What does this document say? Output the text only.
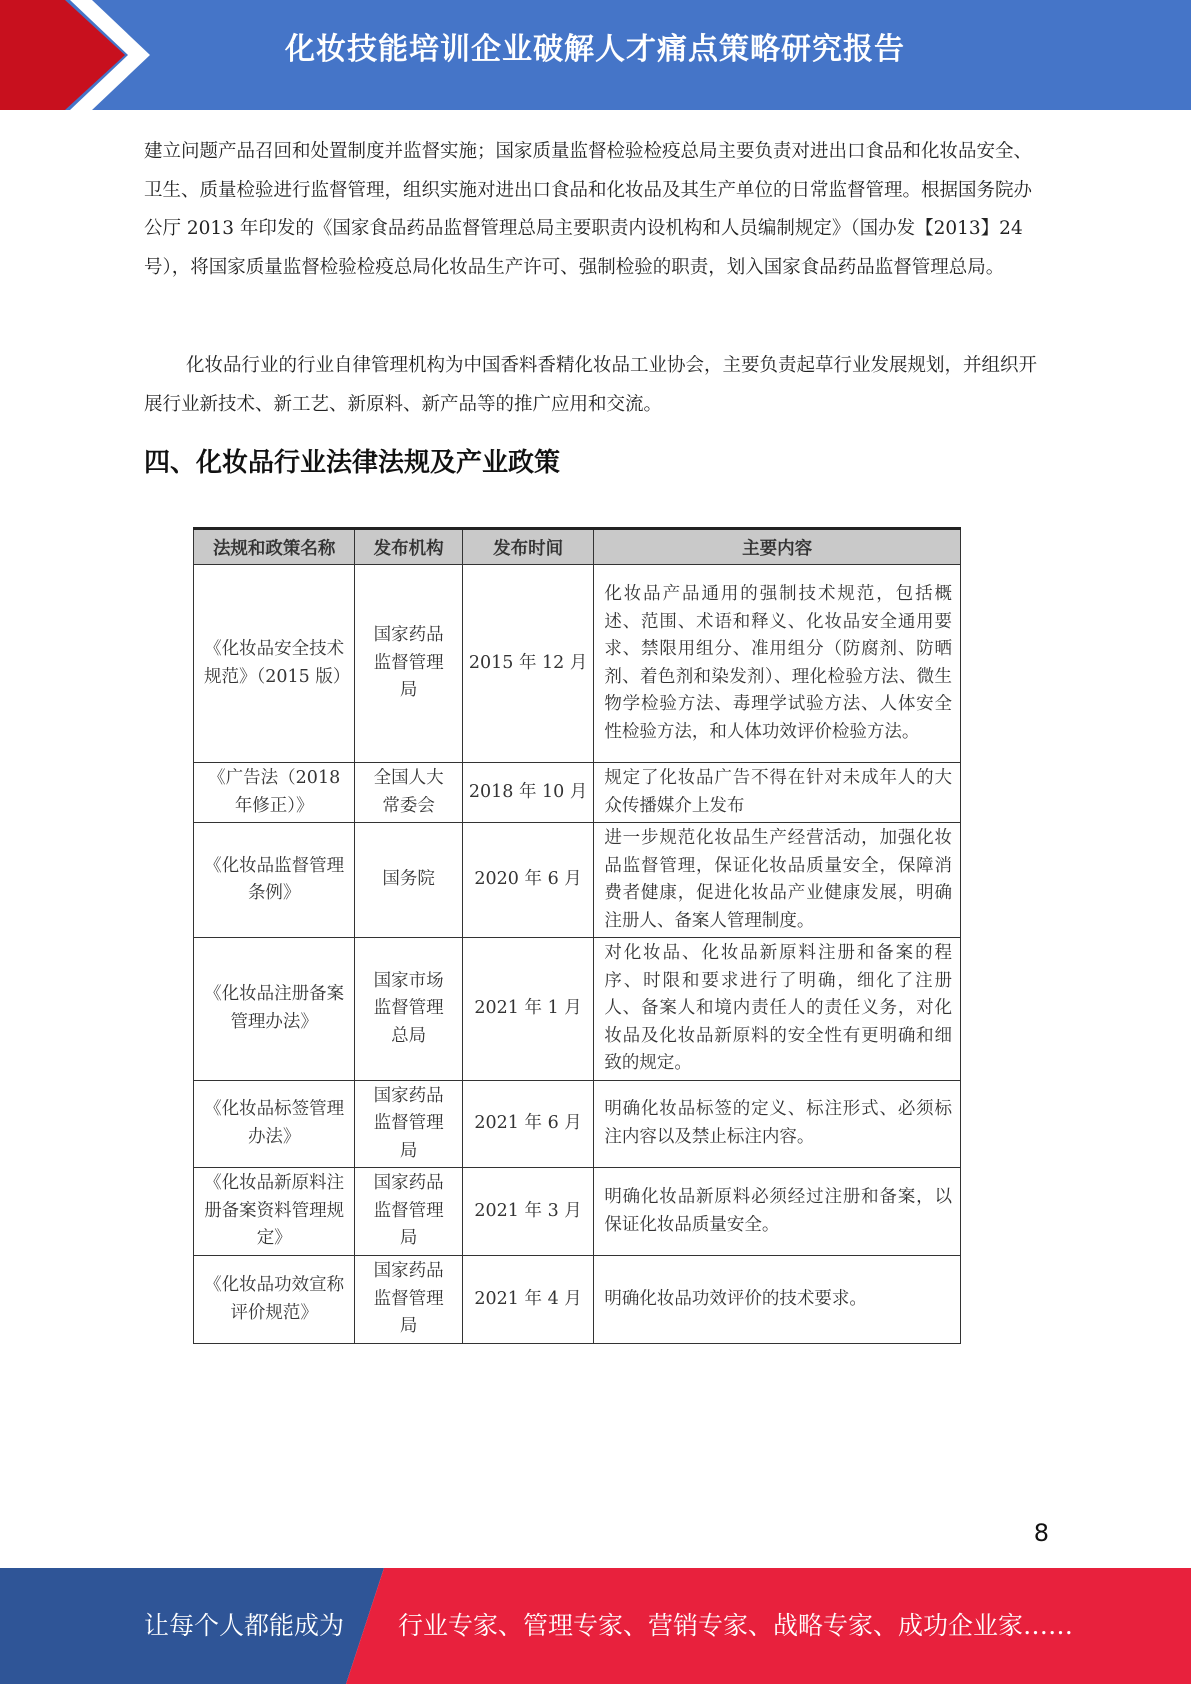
化妆技能培训企业破解人才痛点策略研究报告

建立问题产品召回和处置制度并监督实施；国家质量监督检验检疫总局主要负责对进出口食品和化妆品安全、卫生、质量检验进行监督管理，组织实施对进出口食品和化妆品及其生产单位的日常监督管理。根据国务院办公厅 2013 年印发的《国家食品药品监督管理总局主要职责内设机构和人员编制规定》（国办发【2013】24 号），将国家质量监督检验检疫总局化妆品生产许可、强制检验的职责，划入国家食品药品监督管理总局。

化妆品行业的行业自律管理机构为中国香料香精化妆品工业协会，主要负责起草行业发展规划，并组织开展行业新技术、新工艺、新原料、新产品等的推广应用和交流。

四、化妆品行业法律法规及产业政策
法规和政策名称	发布机构	发布时间	主要内容
《化妆品安全技术规范》（2015 版）	国家药品监督管理局	2015 年 12 月	化妆品产品通用的强制技术规范，包括概述、范围、术语和释义、化妆品安全通用要求、禁限用组分、准用组分（防腐剂、防晒剂、着色剂和染发剂）、理化检验方法、微生物学检验方法、毒理学试验方法、人体安全性检验方法，和人体功效评价检验方法。
《广告法（2018 年修正）》	全国人大常委会	2018 年 10 月	规定了化妆品广告不得在针对未成年人的大众传播媒介上发布
《化妆品监督管理条例》	国务院	2020 年 6 月	进一步规范化妆品生产经营活动，加强化妆品监督管理，保证化妆品质量安全，保障消费者健康，促进化妆品产业健康发展，明确注册人、备案人管理制度。
《化妆品注册备案管理办法》	国家市场监督管理总局	2021 年 1 月	对化妆品、化妆品新原料注册和备案的程序、时限和要求进行了明确，细化了注册人、备案人和境内责任人的责任义务，对化妆品及化妆品新原料的安全性有更明确和细致的规定。
《化妆品标签管理办法》	国家药品监督管理局	2021 年 6 月	明确化妆品标签的定义、标注形式、必须标注内容以及禁止标注内容。
《化妆品新原料注册备案资料管理规定》	国家药品监督管理局	2021 年 3 月	明确化妆品新原料必须经过注册和备案，以保证化妆品质量安全。
《化妆品功效宣称评价规范》	国家药品监督管理局	2021 年 4 月	明确化妆品功效评价的技术要求。
8
让每个人都能成为 行业专家、管理专家、营销专家、战略专家、成功企业家……
